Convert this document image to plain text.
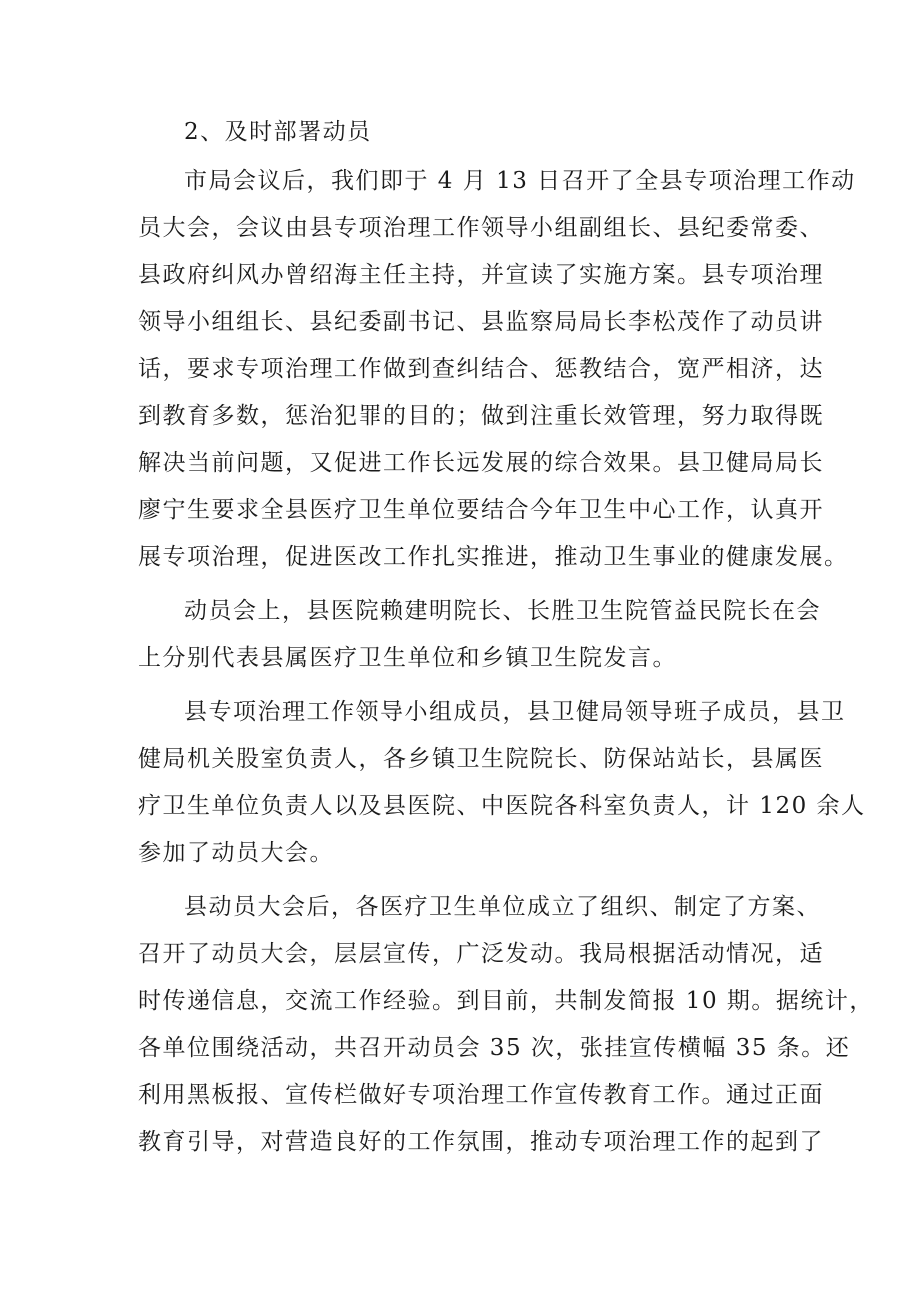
2、及时部署动员
市局会议后，我们即于 4 月 13 日召开了全县专项治理工作动
员大会，会议由县专项治理工作领导小组副组长、县纪委常委、
县政府纠风办曾绍海主任主持，并宣读了实施方案。县专项治理
领导小组组长、县纪委副书记、县监察局局长李松茂作了动员讲
话，要求专项治理工作做到查纠结合、惩教结合，宽严相济，达
到教育多数，惩治犯罪的目的；做到注重长效管理，努力取得既
解决当前问题，又促进工作长远发展的综合效果。县卫健局局长
廖宁生要求全县医疗卫生单位要结合今年卫生中心工作，认真开
展专项治理，促进医改工作扎实推进，推动卫生事业的健康发展。
动员会上，县医院赖建明院长、长胜卫生院管益民院长在会
上分别代表县属医疗卫生单位和乡镇卫生院发言。
县专项治理工作领导小组成员，县卫健局领导班子成员，县卫
健局机关股室负责人，各乡镇卫生院院长、防保站站长，县属医
疗卫生单位负责人以及县医院、中医院各科室负责人，计 120 余人
参加了动员大会。
县动员大会后，各医疗卫生单位成立了组织、制定了方案、
召开了动员大会，层层宣传，广泛发动。我局根据活动情况，适
时传递信息，交流工作经验。到目前，共制发简报 10 期。据统计，
各单位围绕活动，共召开动员会 35 次，张挂宣传横幅 35 条。还
利用黑板报、宣传栏做好专项治理工作宣传教育工作。通过正面
教育引导，对营造良好的工作氛围，推动专项治理工作的起到了
